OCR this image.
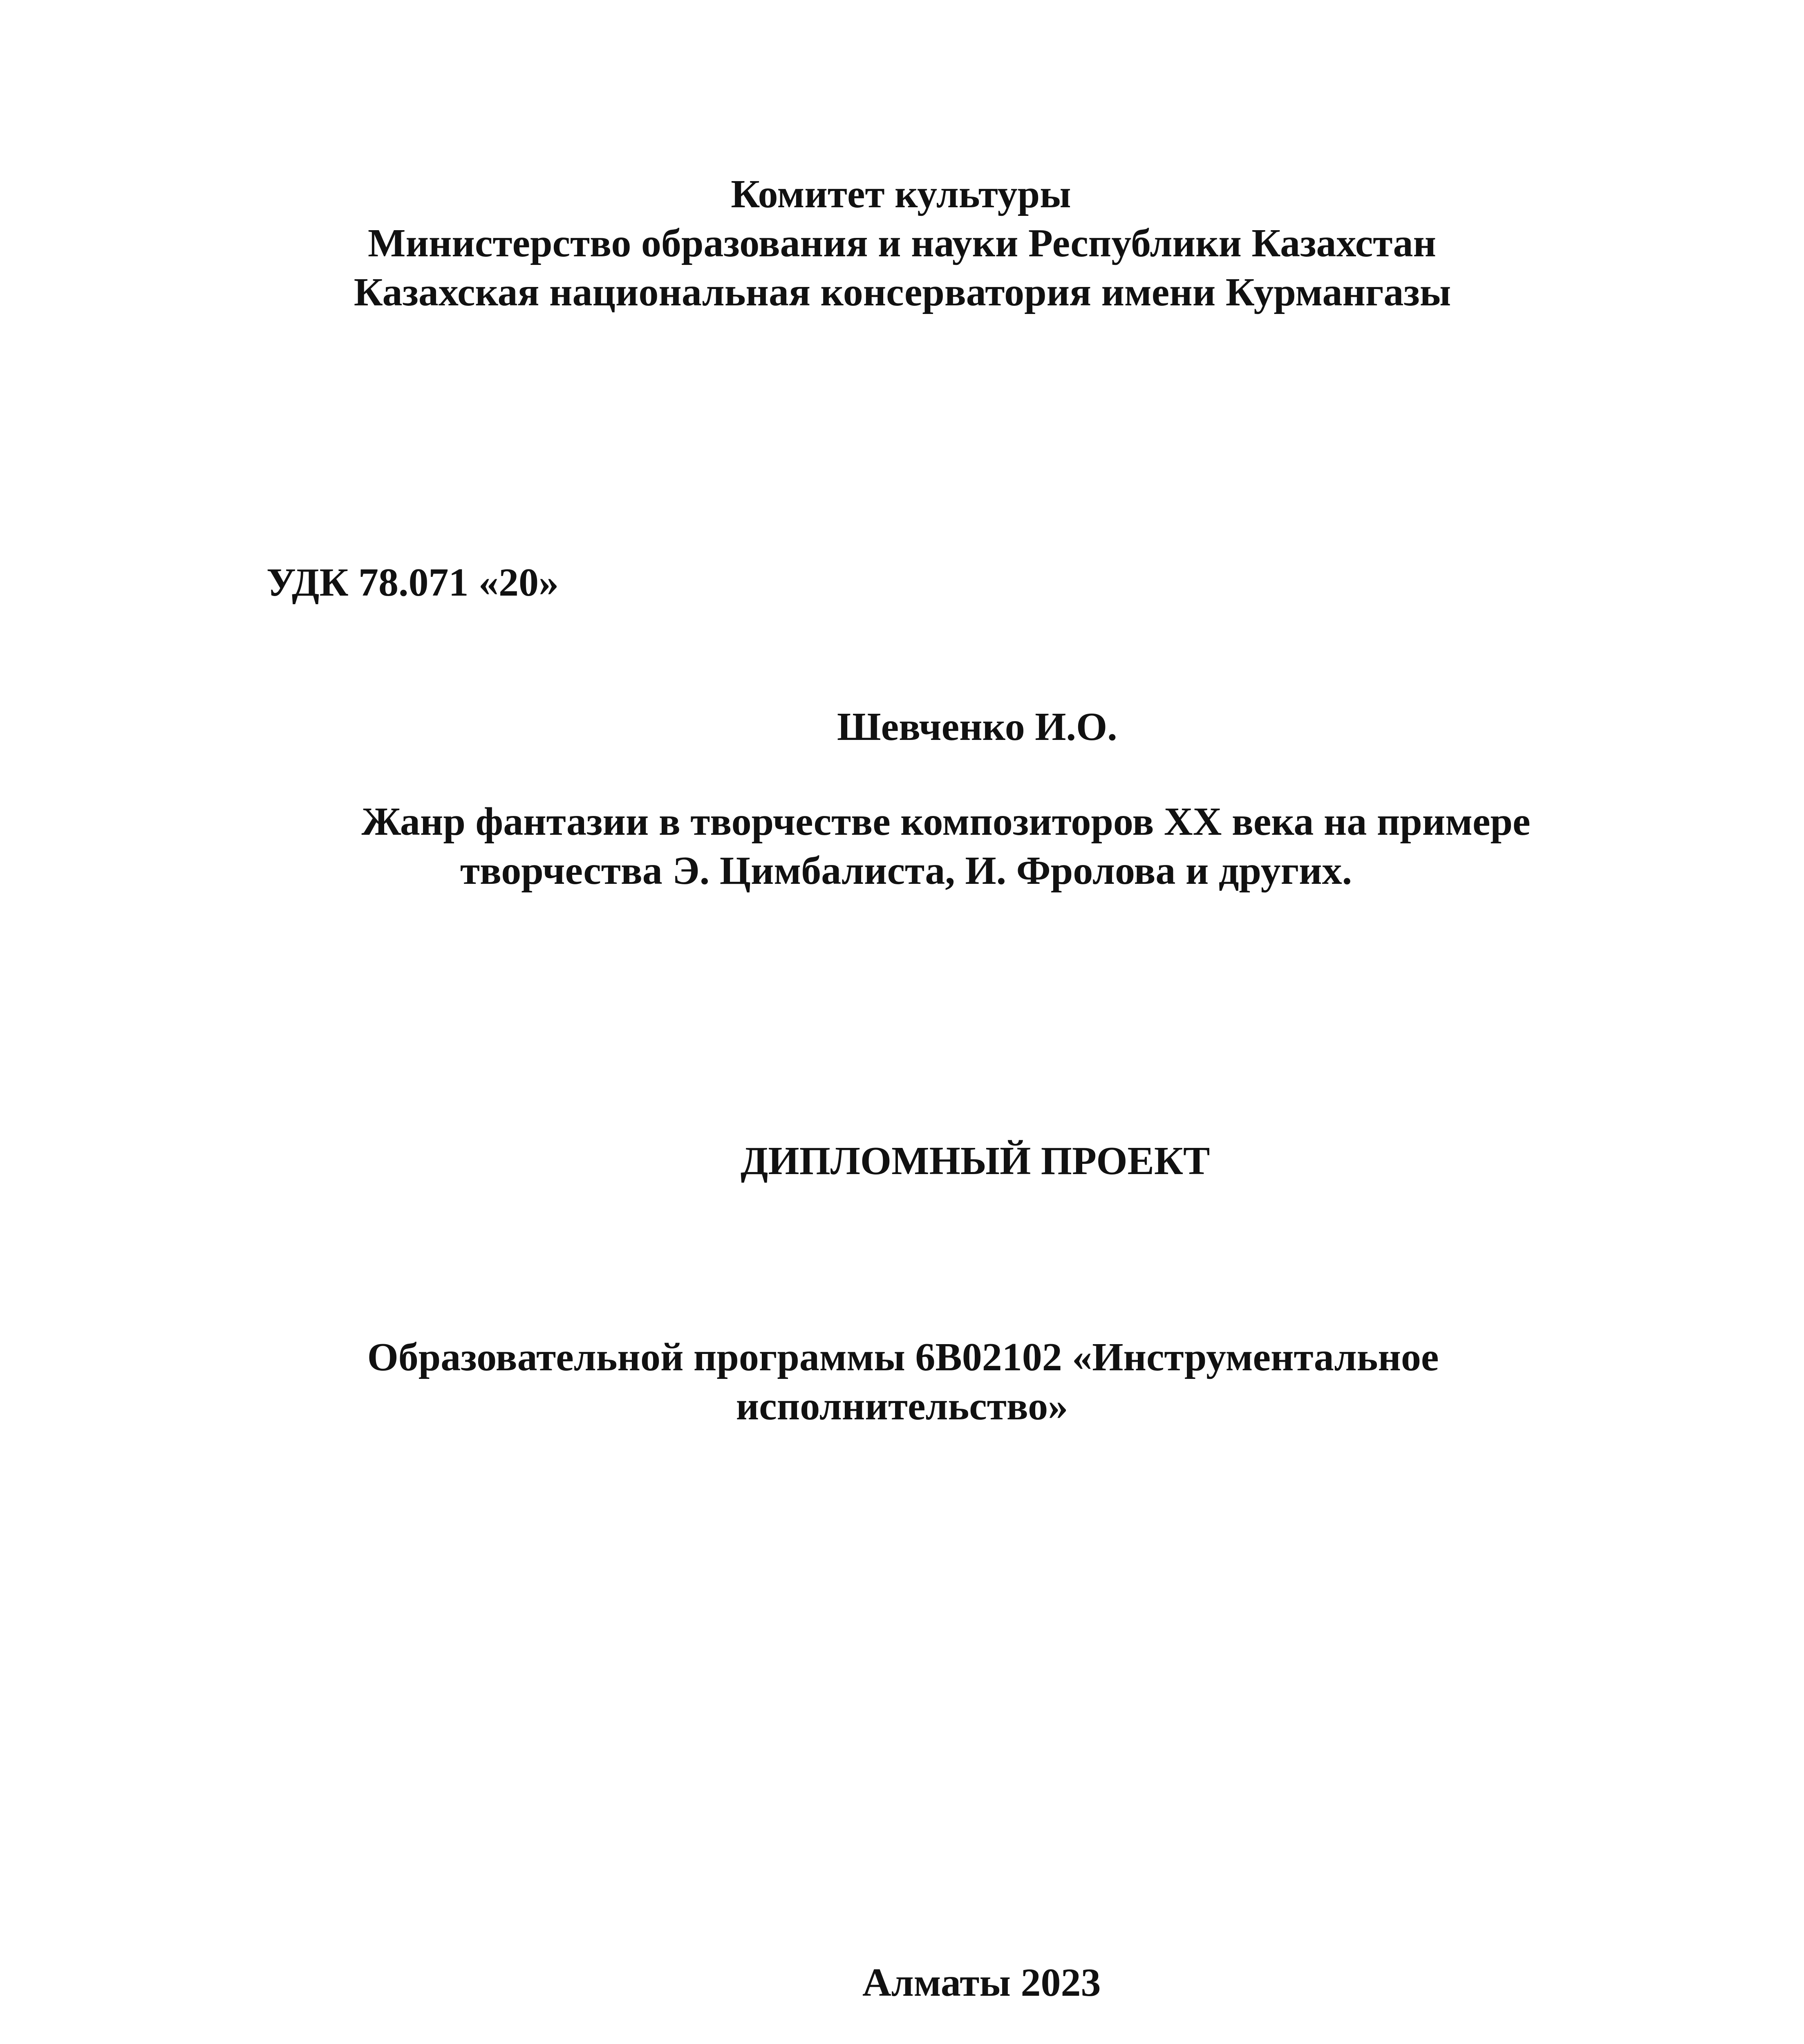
Комитет культуры
Министерство образования и науки Республики Казахстан
Казахская национальная консерватория имени Курмангазы
УДК 78.071 «20»
Шевченко И.О.
Жанр фантазии в творчестве композиторов ХХ века на примере
творчества Э. Цимбалиста, И. Фролова и других.
ДИПЛОМНЫЙ ПРОЕКТ
Образовательной программы 6В02102 «Инструментальное
исполнительство»
Алматы 2023
